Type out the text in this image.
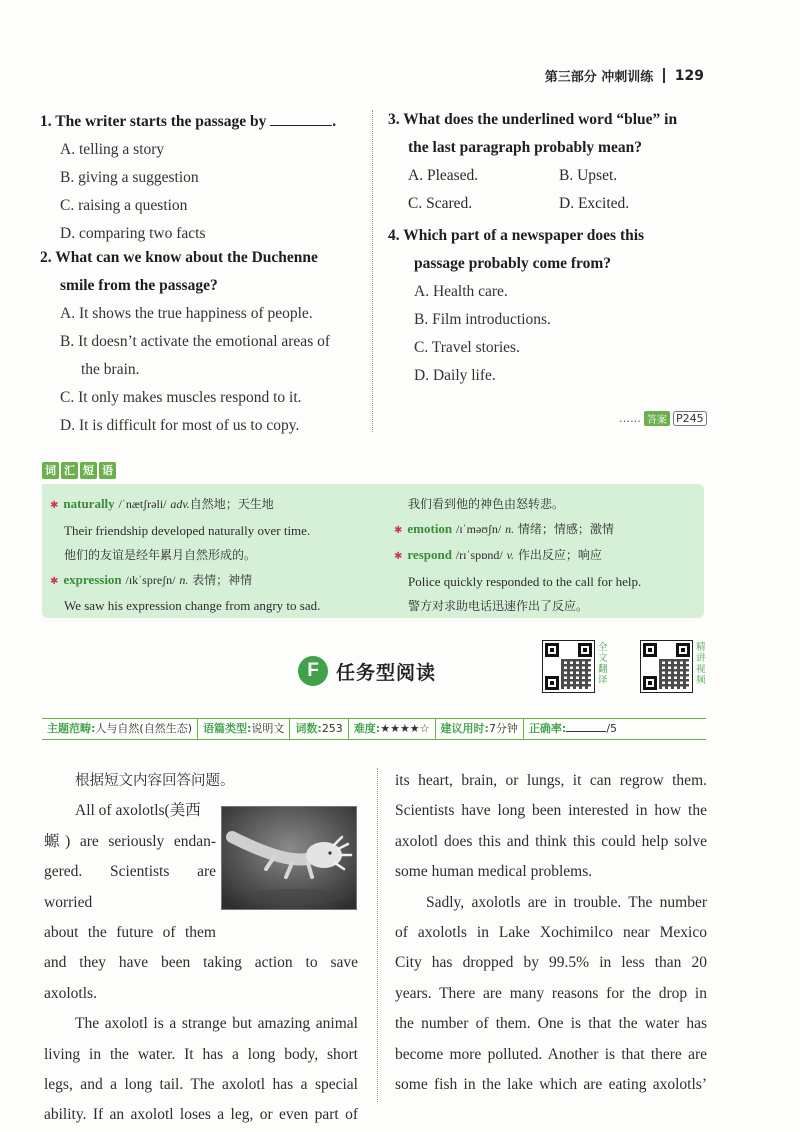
第三部分 冲刺训练 129
1. The writer starts the passage by	.
A. telling a story
B. giving a suggestion
C. raising a question
D. comparing two facts
2. What can we know about the Duchenne
smile from the passage?
A. It shows the true happiness of people.
B. It doesn’t activate the emotional areas of
the brain.
C. It only makes muscles respond to it.
D. It is difficult for most of us to copy.
3. What does the underlined word “blue” in
the last paragraph probably mean?
A. Pleased.	B. Upset.
C. Scared.	D. Excited.
4. Which part of a newspaper does this
passage probably come from?
A. Health care.
B. Film introductions.
C. Travel stories.
D. Daily life.
…… 答案 P245
词 汇 短 语
✱ naturally /ˈnætʃrəli/ adv.自然地；天生地
Their friendship developed naturally over time.
他们的友谊是经年累月自然形成的。
✱ expression /ɪkˈspreʃn/ n. 表情；神情
We saw his expression change from angry to sad.
我们看到他的神色由怒转悲。
✱ emotion /ɪˈməʊʃn/ n. 情绪；情感；激情
✱ respond /rɪˈspɒnd/ v. 作出反应；响应
Police quickly responded to the call for help.
警方对求助电话迅速作出了反应。
F 任务型阅读
全
文
翻
译
精
讲
视
频
主题范畴:人与自然(自然生态)	语篇类型:说明文	词数:253	难度:★★★★☆	建议用时:7分钟	正确率:	/5
根据短文内容回答问题。
All of axolotls(美西
螈) are seriously endan-
gered. Scientists are worried
about the future of them
and they have been taking action to save
axolotls.
The axolotl is a strange but amazing animal
living in the water. It has a long body, short
legs, and a long tail. The axolotl has a special
ability. If an axolotl loses a leg, or even part of
its heart, brain, or lungs, it can regrow them.
Scientists have long been interested in how the
axolotl does this and think this could help solve
some human medical problems.
Sadly, axolotls are in trouble. The number
of axolotls in Lake Xochimilco near Mexico
City has dropped by 99.5% in less than 20
years. There are many reasons for the drop in
the number of them. One is that the water has
become more polluted. Another is that there are
some fish in the lake which are eating axolotls’
